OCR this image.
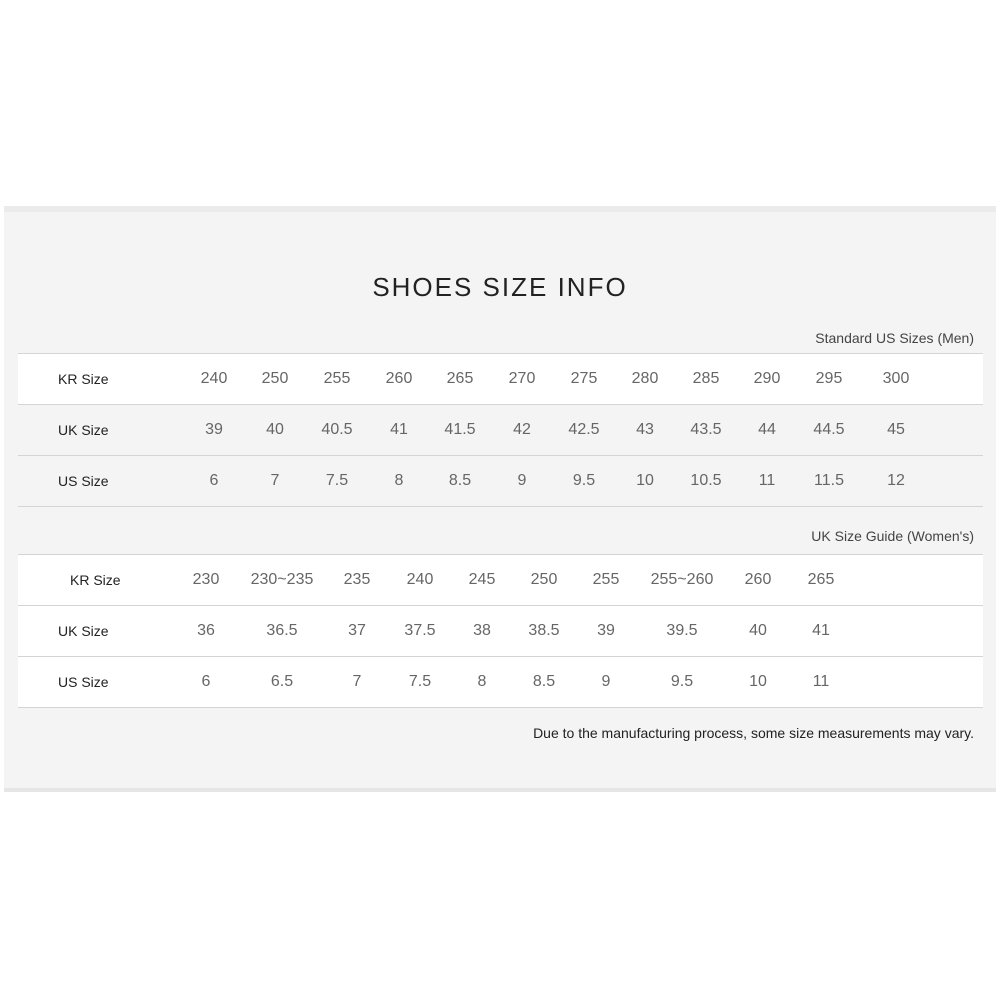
SHOES SIZE INFO
Standard US Sizes (Men)
KR Size	240	250	255	260	265	270	275	280	285	290	295	300	
UK Size	39	40	40.5	41	41.5	42	42.5	43	43.5	44	44.5	45	
US Size	6	7	7.5	8	8.5	9	9.5	10	10.5	11	11.5	12	
UK Size Guide (Women's)
KR Size	230	230~235	235	240	245	250	255	255~260	260	265	
UK Size	36	36.5	37	37.5	38	38.5	39	39.5	40	41	
US Size	6	6.5	7	7.5	8	8.5	9	9.5	10	11	
Due to the manufacturing process, some size measurements may vary.
